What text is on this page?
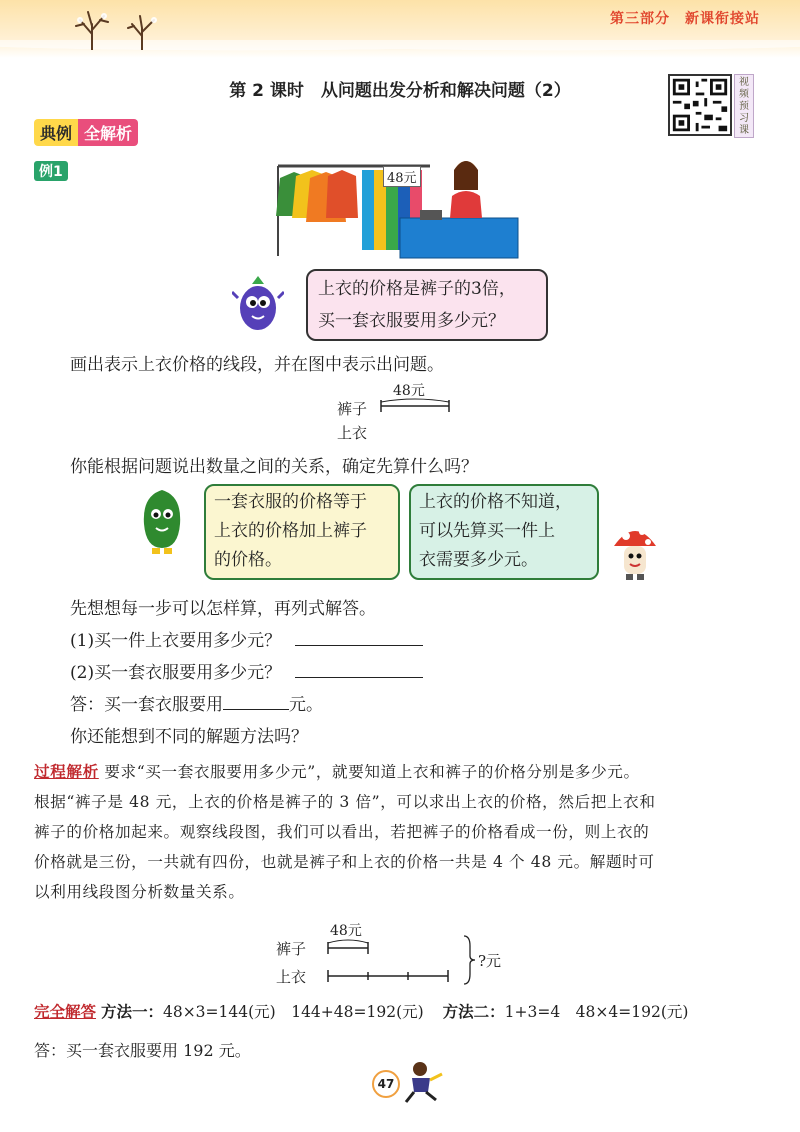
第三部分　新课衔接站
第 2 课时　从问题出发分析和解决问题（2）	视频预习课
典例 全解析
例1	48元
上衣的价格是裤子的3倍，
买一套衣服要用多少元？
画出表示上衣价格的线段，并在图中表示出问题。
48元
裤子
上衣
你能根据问题说出数量之间的关系，确定先算什么吗？
一套衣服的价格等于
上衣的价格加上裤子
的价格。
上衣的价格不知道，
可以先算买一件上
衣需要多少元。
先想想每一步可以怎样算，再列式解答。
(1)买一件上衣要用多少元？
(2)买一套衣服要用多少元？
答：买一套衣服要用	元。
你还能想到不同的解题方法吗？
过程解析 要求“买一套衣服要用多少元”，就要知道上衣和裤子的价格分别是多少元。
根据“裤子是 48 元，上衣的价格是裤子的 3 倍”，可以求出上衣的价格，然后把上衣和
裤子的价格加起来。观察线段图，我们可以看出，若把裤子的价格看成一份，则上衣的
价格就是三份，一共就有四份，也就是裤子和上衣的价格一共是 4 个 48 元。解题时可
以利用线段图分析数量关系。
48元
裤子
上衣
?元
完全解答 方法一：48×3=144(元)　144+48=192(元) 方法二：1+3=4　48×4=192(元)
答：买一套衣服要用 192 元。
47
